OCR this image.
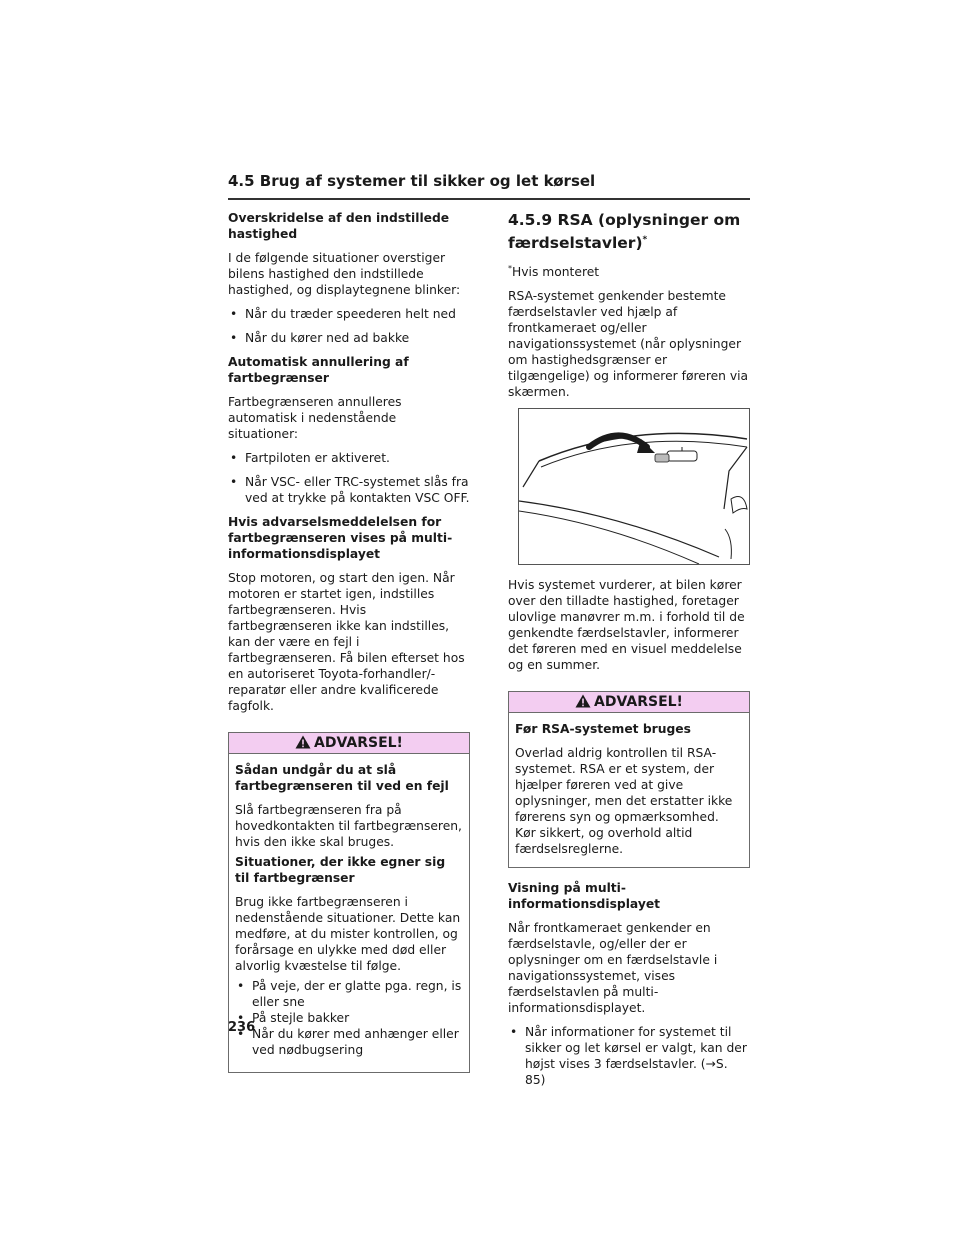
4.5 Brug af systemer til sikker og let kørsel
Overskridelse af den indstillede hastighed

I de følgende situationer overstiger bilens hastighed den indstillede hastighed, og displaytegnene blinker:

• Når du træder speederen helt ned
• Når du kører ned ad bakke
Automatisk annullering af fartbegrænser

Fartbegrænseren annulleres automatisk i nedenstående situationer:

• Fartpiloten er aktiveret.
• Når VSC- eller TRC-systemet slås fra ved at trykke på kontakten VSC OFF.
Hvis advarselsmeddelelsen for fartbegrænseren vises på multi-informationsdisplayet

Stop motoren, og start den igen. Når motoren er startet igen, indstilles fartbegrænseren. Hvis fartbegrænseren ikke kan indstilles, kan der være en fejl i fartbegrænseren. Få bilen efterset hos en autoriseret Toyota-forhandler/-reparatør eller andre kvalificerede fagfolk.

ADVARSEL!
Sådan undgår du at slå fartbegrænseren til ved en fejl

Slå fartbegrænseren fra på hovedkontakten til fartbegrænseren, hvis den ikke skal bruges.

Situationer, der ikke egner sig til fartbegrænser

Brug ikke fartbegrænseren i nedenstående situationer. Dette kan medføre, at du mister kontrollen, og forårsage en ulykke med død eller alvorlig kvæstelse til følge.

• På veje, der er glatte pga. regn, is eller sne
• På stejle bakker
• Når du kører med anhænger eller ved nødbugsering
4.5.9 RSA (oplysninger om færdselstavler)*

*Hvis monteret

RSA-systemet genkender bestemte færdselstavler ved hjælp af frontkameraet og/eller navigationssystemet (når oplysninger om hastighedsgrænser er tilgængelige) og informerer føreren via skærmen.

Hvis systemet vurderer, at bilen kører over den tilladte hastighed, foretager ulovlige manøvrer m.m. i forhold til de genkendte færdselstavler, informerer det føreren med en visuel meddelelse og en summer.

ADVARSEL!
Før RSA-systemet bruges

Overlad aldrig kontrollen til RSA-systemet. RSA er et system, der hjælper føreren ved at give oplysninger, men det erstatter ikke førerens syn og opmærksomhed. Kør sikkert, og overhold altid færdselsreglerne.

Visning på multi-informationsdisplayet

Når frontkameraet genkender en færdselstavle, og/eller der er oplysninger om en færdselstavle i navigationssystemet, vises færdselstavlen på multi-informationsdisplayet.

• Når informationer for systemet til sikker og let kørsel er valgt, kan der højst vises 3 færdselstavler. (→S. 85)
236
